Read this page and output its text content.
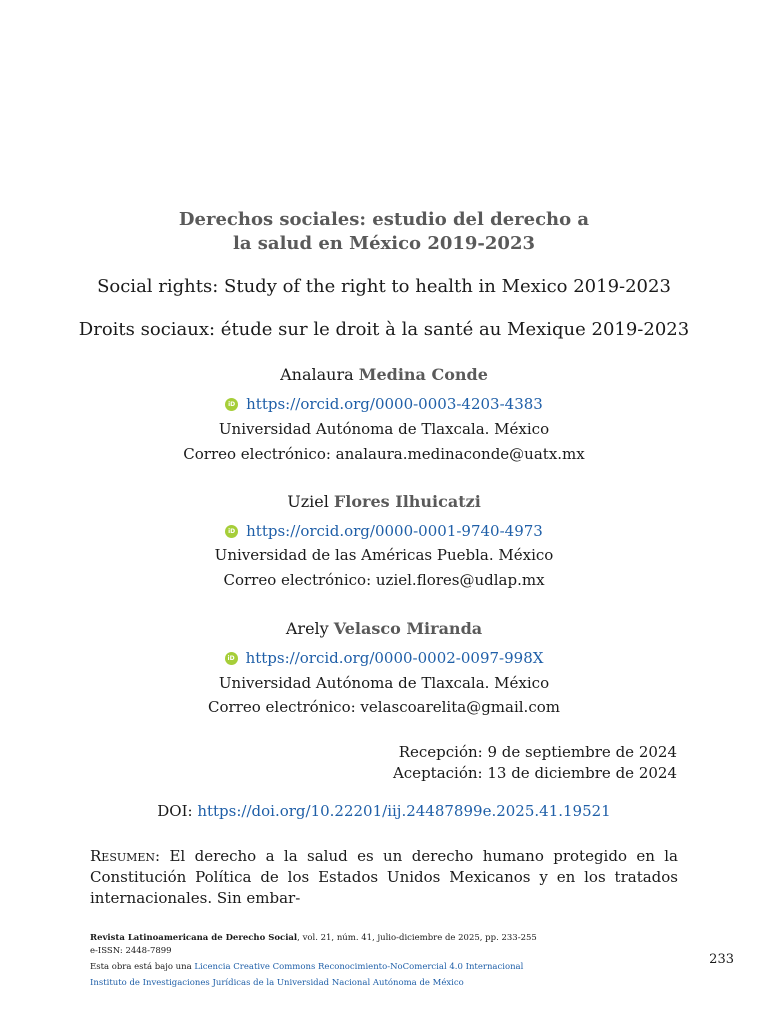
Derechos sociales: estudio del derecho a
la salud en México 2019-2023
Social rights: Study of the right to health in Mexico 2019-2023
Droits sociaux: étude sur le droit à la santé au Mexique 2019-2023
Analaura Medina Conde
iD
https://orcid.org/0000-0003-4203-4383
Universidad Autónoma de Tlaxcala. México
Correo electrónico: analaura.medinaconde@uatx.mx
Uziel Flores Ilhuicatzi
iD
https://orcid.org/0000-0001-9740-4973
Universidad de las Américas Puebla. México
Correo electrónico: uziel.flores@udlap.mx
Arely Velasco Miranda
iD
https://orcid.org/0000-0002-0097-998X
Universidad Autónoma de Tlaxcala. México
Correo electrónico: velascoarelita@gmail.com
Recepción: 9 de septiembre de 2024
Aceptación: 13 de diciembre de 2024
DOI: https://doi.org/10.22201/iij.24487899e.2025.41.19521
Resumen: El derecho a la salud es un derecho humano protegido en la Constitución Política de los Estados Unidos Mexicanos y en los tratados internacionales. Sin embar-
Revista Latinoamericana de Derecho Social, vol. 21, núm. 41, julio-diciembre de 2025, pp. 233-255
e-ISSN: 2448-7899
Esta obra está bajo una Licencia Creative Commons Reconocimiento-NoComercial 4.0 Internacional
Instituto de Investigaciones Jurídicas de la Universidad Nacional Autónoma de México
233
